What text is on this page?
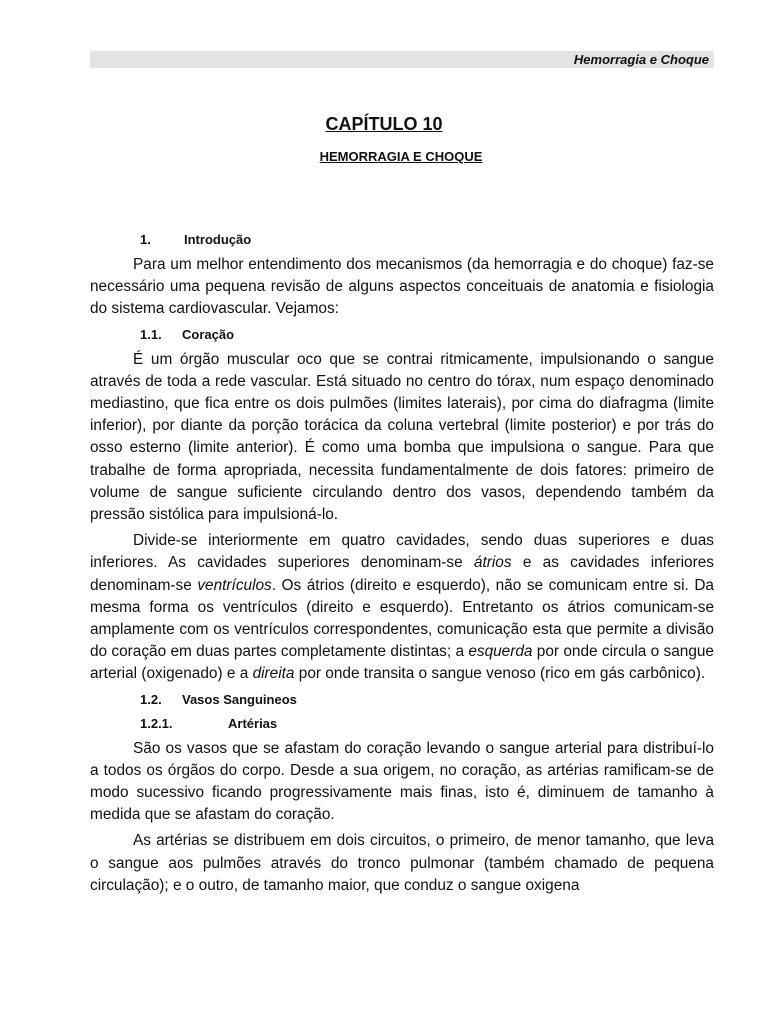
Hemorragia e Choque
CAPÍTULO 10
HEMORRAGIA E CHOQUE
1.	Introdução

Para um melhor entendimento dos mecanismos (da hemorragia e do choque) faz-se necessário uma pequena revisão de alguns aspectos conceituais de anatomia e fisiologia do sistema cardiovascular. Vejamos:

1.1.	Coração

É um órgão muscular oco que se contrai ritmicamente, impulsionando o sangue através de toda a rede vascular. Está situado no centro do tórax, num espaço denominado mediastino, que fica entre os dois pulmões (limites laterais), por cima do diafragma (limite inferior), por diante da porção torácica da coluna vertebral (limite posterior) e por trás do osso esterno (limite anterior). É como uma bomba que impulsiona o sangue. Para que trabalhe de forma apropriada, necessita fundamentalmente de dois fatores: primeiro de volume de sangue suficiente circulando dentro dos vasos, dependendo também da pressão sistólica para impulsioná-lo.

Divide-se interiormente em quatro cavidades, sendo duas superiores e duas inferiores. As cavidades superiores denominam-se átrios e as cavidades inferiores denominam-se ventrículos. Os átrios (direito e esquerdo), não se comunicam entre si. Da mesma forma os ventrículos (direito e esquerdo). Entretanto os átrios comunicam-se amplamente com os ventrículos correspondentes, comunicação esta que permite a divisão do coração em duas partes completamente distintas; a esquerda por onde circula o sangue arterial (oxigenado) e a direita por onde transita o sangue venoso (rico em gás carbônico).

1.2.	Vasos Sanguineos
1.2.1.	Artérias

São os vasos que se afastam do coração levando o sangue arterial para distribuí-lo a todos os órgãos do corpo. Desde a sua origem, no coração, as artérias ramificam-se de modo sucessivo ficando progressivamente mais finas, isto é, diminuem de tamanho à medida que se afastam do coração.

As artérias se distribuem em dois circuitos, o primeiro, de menor tamanho, que leva o sangue aos pulmões através do tronco pulmonar (também chamado de pequena circulação); e o outro, de tamanho maior, que conduz o sangue oxigena
